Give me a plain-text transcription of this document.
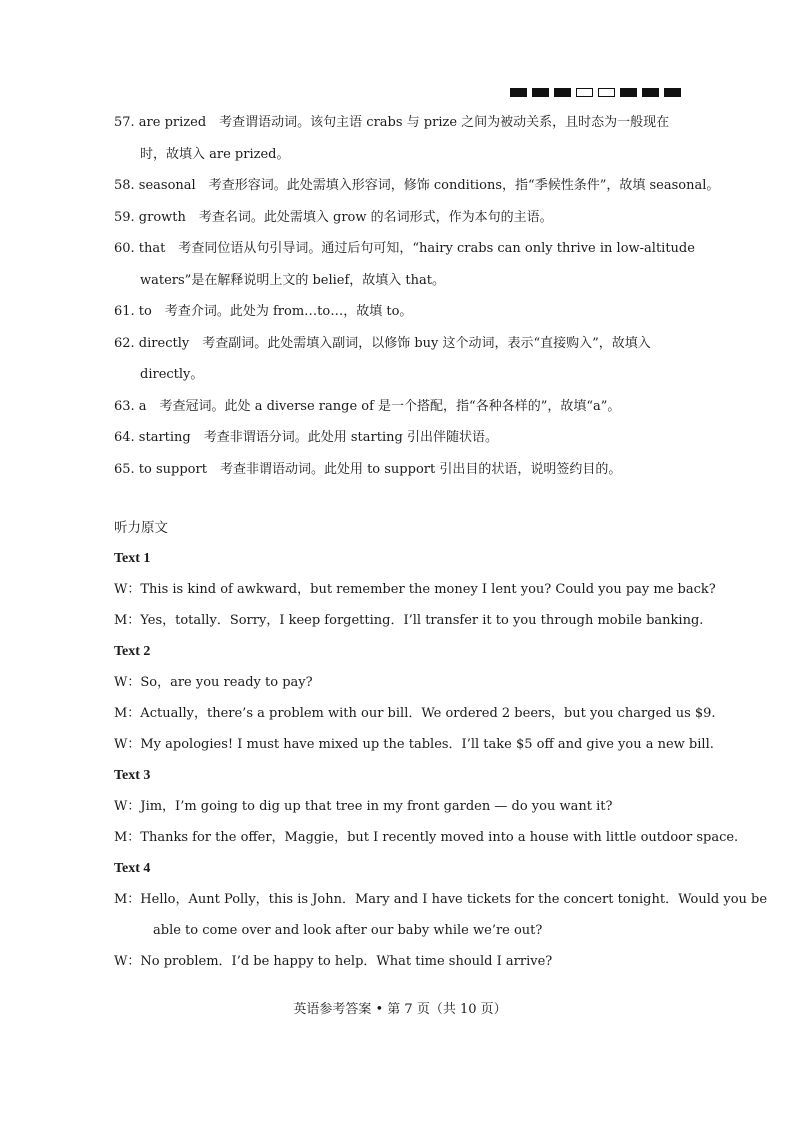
57. are prized　考查谓语动词。该句主语 crabs 与 prize 之间为被动关系，且时态为一般现在
时，故填入 are prized。
58. seasonal　考查形容词。此处需填入形容词，修饰 conditions，指“季候性条件”，故填 seasonal。
59. growth　考查名词。此处需填入 grow 的名词形式，作为本句的主语。
60. that　考查同位语从句引导词。通过后句可知，“hairy crabs can only thrive in low-altitude
waters”是在解释说明上文的 belief，故填入 that。
61. to　考查介词。此处为 from…to…，故填 to。
62. directly　考查副词。此处需填入副词，以修饰 buy 这个动词，表示“直接购入”，故填入
directly。
63. a　考查冠词。此处 a diverse range of 是一个搭配，指“各种各样的”，故填“a”。
64. starting　考查非谓语分词。此处用 starting 引出伴随状语。
65. to support　考查非谓语动词。此处用 to support 引出目的状语，说明签约目的。
听力原文
Text 1
W：This is kind of awkward，but remember the money I lent you? Could you pay me back?
M：Yes，totally．Sorry，I keep forgetting．I’ll transfer it to you through mobile banking.
Text 2
W：So，are you ready to pay?
M：Actually，there’s a problem with our bill．We ordered 2 beers，but you charged us $9.
W：My apologies! I must have mixed up the tables．I’ll take $5 off and give you a new bill.
Text 3
W：Jim，I’m going to dig up that tree in my front garden — do you want it?
M：Thanks for the offer，Maggie，but I recently moved into a house with little outdoor space.
Text 4
M：Hello，Aunt Polly，this is John．Mary and I have tickets for the concert tonight．Would you be
　able to come over and look after our baby while we’re out?
W：No problem．I’d be happy to help．What time should I arrive?
英语参考答案 • 第 7 页（共 10 页）
